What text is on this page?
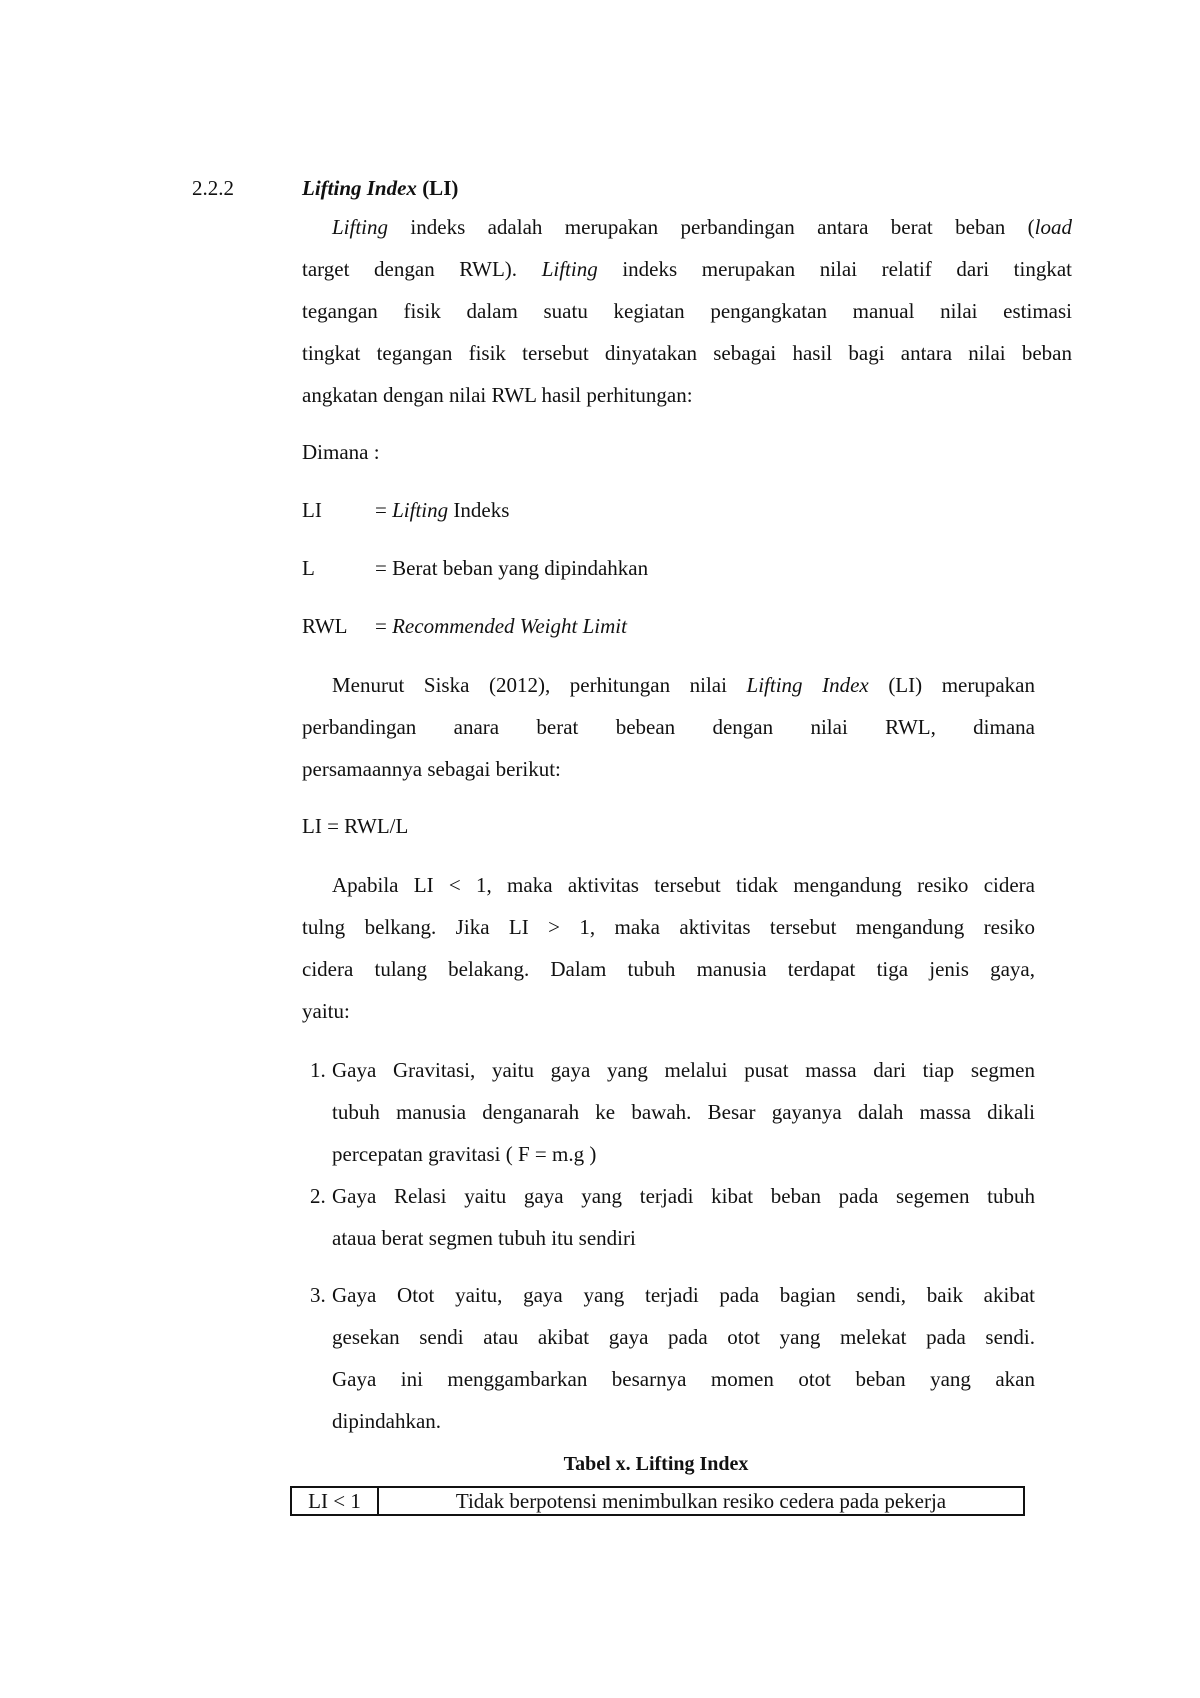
2.2.2	Lifting Index (LI)
Lifting indeks adalah merupakan perbandingan antara berat beban (load
target dengan RWL). Lifting indeks merupakan nilai relatif dari tingkat
tegangan fisik dalam suatu kegiatan pengangkatan manual nilai estimasi
tingkat tegangan fisik tersebut dinyatakan sebagai hasil bagi antara nilai beban
angkatan dengan nilai RWL hasil perhitungan:
Dimana :
LI	= Lifting Indeks
L	= Berat beban yang dipindahkan
RWL = Recommended Weight Limit
Menurut Siska (2012), perhitungan nilai Lifting Index (LI) merupakan
perbandingan anara berat bebean dengan nilai RWL, dimana
persamaannya sebagai berikut:
LI = RWL/L
Apabila LI < 1, maka aktivitas tersebut tidak mengandung resiko cidera
tulng belkang. Jika LI > 1, maka aktivitas tersebut mengandung resiko
cidera tulang belakang. Dalam tubuh manusia terdapat tiga jenis gaya,
yaitu:
1. Gaya Gravitasi, yaitu gaya yang melalui pusat massa dari tiap segmen
tubuh manusia denganarah ke bawah. Besar gayanya dalah massa dikali
percepatan gravitasi ( F = m.g )
2. Gaya Relasi yaitu gaya yang terjadi kibat beban pada segemen tubuh
ataua berat segmen tubuh itu sendiri
3. Gaya Otot yaitu, gaya yang terjadi pada bagian sendi, baik akibat
gesekan sendi atau akibat gaya pada otot yang melekat pada sendi.
Gaya ini menggambarkan besarnya momen otot beban yang akan
dipindahkan.
Tabel x. Lifting Index
LI < 1	Tidak berpotensi menimbulkan resiko cedera pada pekerja
